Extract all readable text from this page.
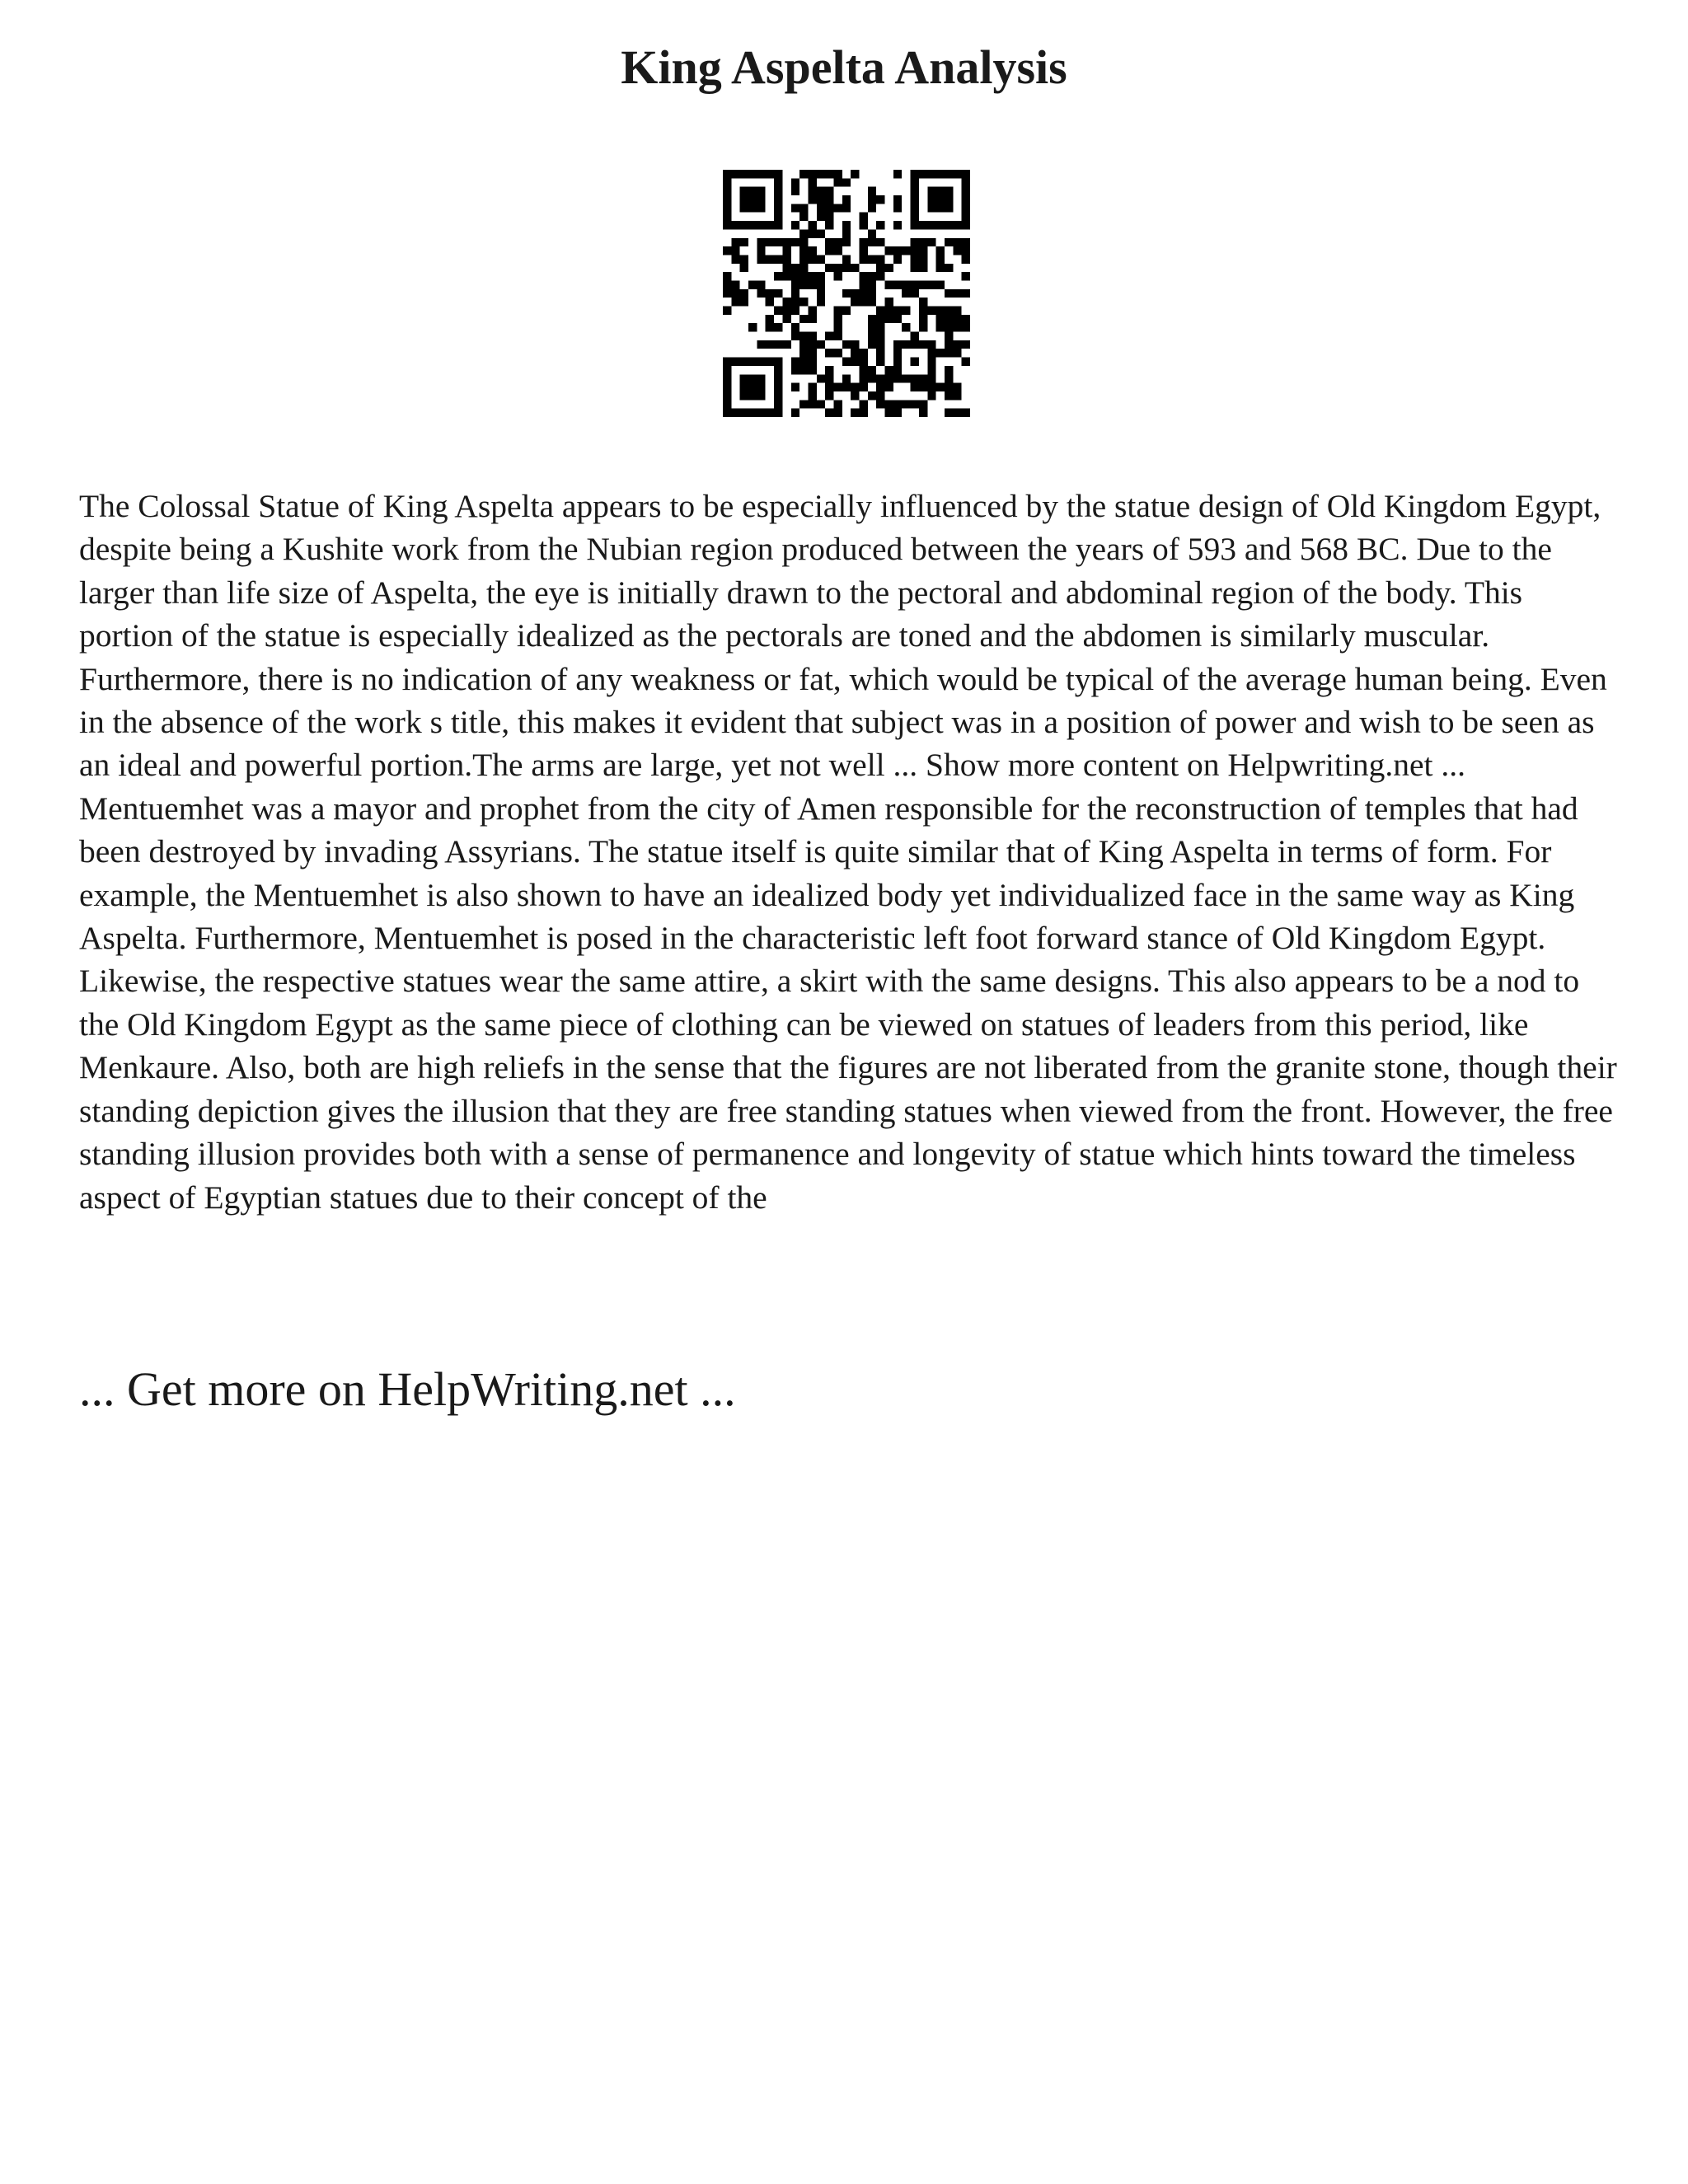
King Aspelta Analysis

The Colossal Statue of King Aspelta appears to be especially influenced by the statue design of Old Kingdom Egypt, despite being a Kushite work from the Nubian region produced between the years of 593 and 568 BC. Due to the larger than life size of Aspelta, the eye is initially drawn to the pectoral and abdominal region of the body. This portion of the statue is especially idealized as the pectorals are toned and the abdomen is similarly muscular. Furthermore, there is no indication of any weakness or fat, which would be typical of the average human being. Even in the absence of the work s title, this makes it evident that subject was in a position of power and wish to be seen as an ideal and powerful portion.The arms are large, yet not well ... Show more content on Helpwriting.net ...
Mentuemhet was a mayor and prophet from the city of Amen responsible for the reconstruction of temples that had been destroyed by invading Assyrians. The statue itself is quite similar that of King Aspelta in terms of form. For example, the Mentuemhet is also shown to have an idealized body yet individualized face in the same way as King Aspelta. Furthermore, Mentuemhet is posed in the characteristic left foot forward stance of Old Kingdom Egypt. Likewise, the respective statues wear the same attire, a skirt with the same designs. This also appears to be a nod to the Old Kingdom Egypt as the same piece of clothing can be viewed on statues of leaders from this period, like Menkaure. Also, both are high reliefs in the sense that the figures are not liberated from the granite stone, though their standing depiction gives the illusion that they are free standing statues when viewed from the front. However, the free standing illusion provides both with a sense of permanence and longevity of statue which hints toward the timeless aspect of Egyptian statues due to their concept of the

... Get more on HelpWriting.net ...
